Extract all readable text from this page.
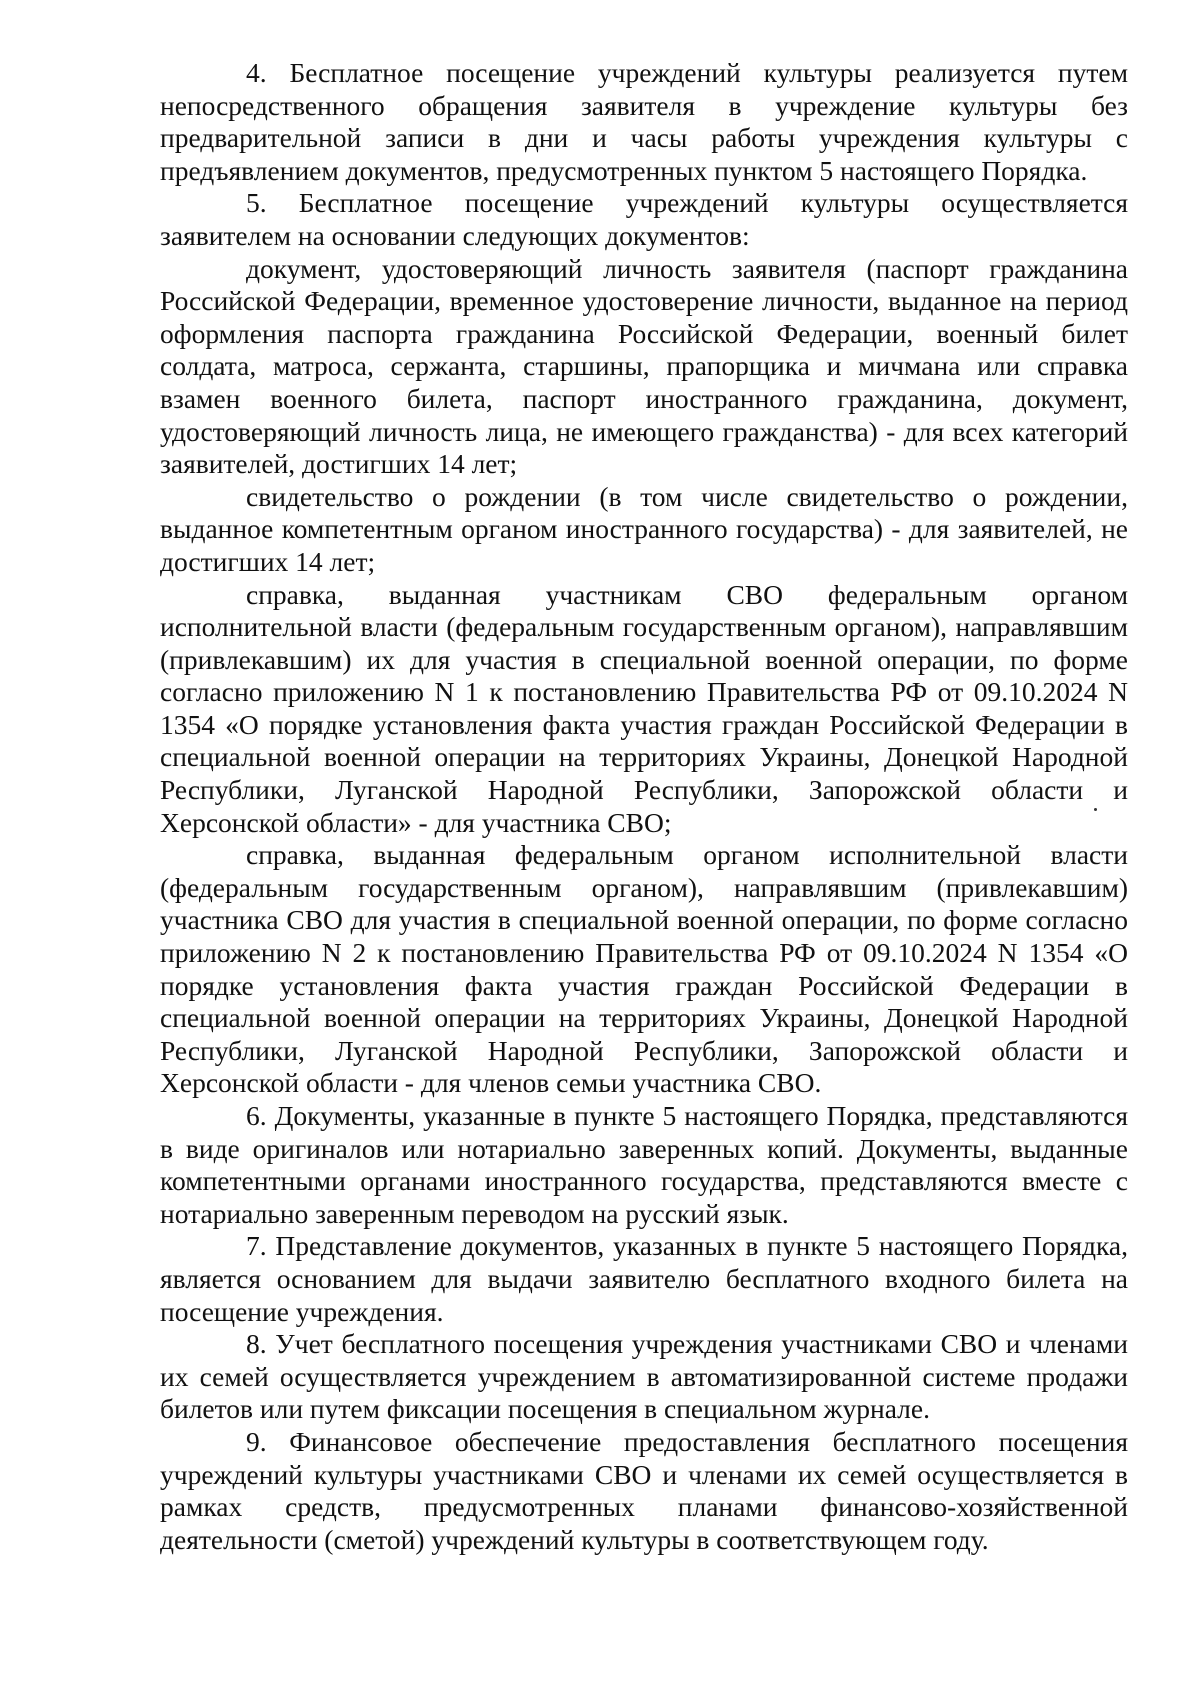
4. Бесплатное посещение учреждений культуры реализуется путем непосредственного обращения заявителя в учреждение культуры без предварительной записи в дни и часы работы учреждения культуры с предъявлением документов, предусмотренных пунктом 5 настоящего Порядка.

5. Бесплатное посещение учреждений культуры осуществляется заявителем на основании следующих документов:

документ, удостоверяющий личность заявителя (паспорт гражданина Российской Федерации, временное удостоверение личности, выданное на период оформления паспорта гражданина Российской Федерации, военный билет солдата, матроса, сержанта, старшины, прапорщика и мичмана или справка взамен военного билета, паспорт иностранного гражданина, документ, удостоверяющий личность лица, не имеющего гражданства) - для всех категорий заявителей, достигших 14 лет;

свидетельство о рождении (в том числе свидетельство о рождении, выданное компетентным органом иностранного государства) - для заявителей, не достигших 14 лет;

справка, выданная участникам СВО федеральным органом исполнительной власти (федеральным государственным органом), направлявшим (привлекавшим) их для участия в специальной военной операции, по форме согласно приложению N 1 к постановлению Правительства РФ от 09.10.2024 N 1354 «О порядке установления факта участия граждан Российской Федерации в специальной военной операции на территориях Украины, Донецкой Народной Республики, Луганской Народной Республики, Запорожской области и Херсонской области» - для участника СВО;

справка, выданная федеральным органом исполнительной власти (федеральным государственным органом), направлявшим (привлекавшим) участника СВО для участия в специальной военной операции, по форме согласно приложению N 2 к постановлению Правительства РФ от 09.10.2024 N 1354 «О порядке установления факта участия граждан Российской Федерации в специальной военной операции на территориях Украины, Донецкой Народной Республики, Луганской Народной Республики, Запорожской области и Херсонской области - для членов семьи участника СВО.

6. Документы, указанные в пункте 5 настоящего Порядка, представляются в виде оригиналов или нотариально заверенных копий. Документы, выданные компетентными органами иностранного государства, представляются вместе с нотариально заверенным переводом на русский язык.

7. Представление документов, указанных в пункте 5 настоящего Порядка, является основанием для выдачи заявителю бесплатного входного билета на посещение учреждения.

8. Учет бесплатного посещения учреждения участниками СВО и членами их семей осуществляется учреждением в автоматизированной системе продажи билетов или путем фиксации посещения в специальном журнале.

9. Финансовое обеспечение предоставления бесплатного посещения учреждений культуры участниками СВО и членами их семей осуществляется в рамках средств, предусмотренных планами финансово-хозяйственной деятельности (сметой) учреждений культуры в соответствующем году.
